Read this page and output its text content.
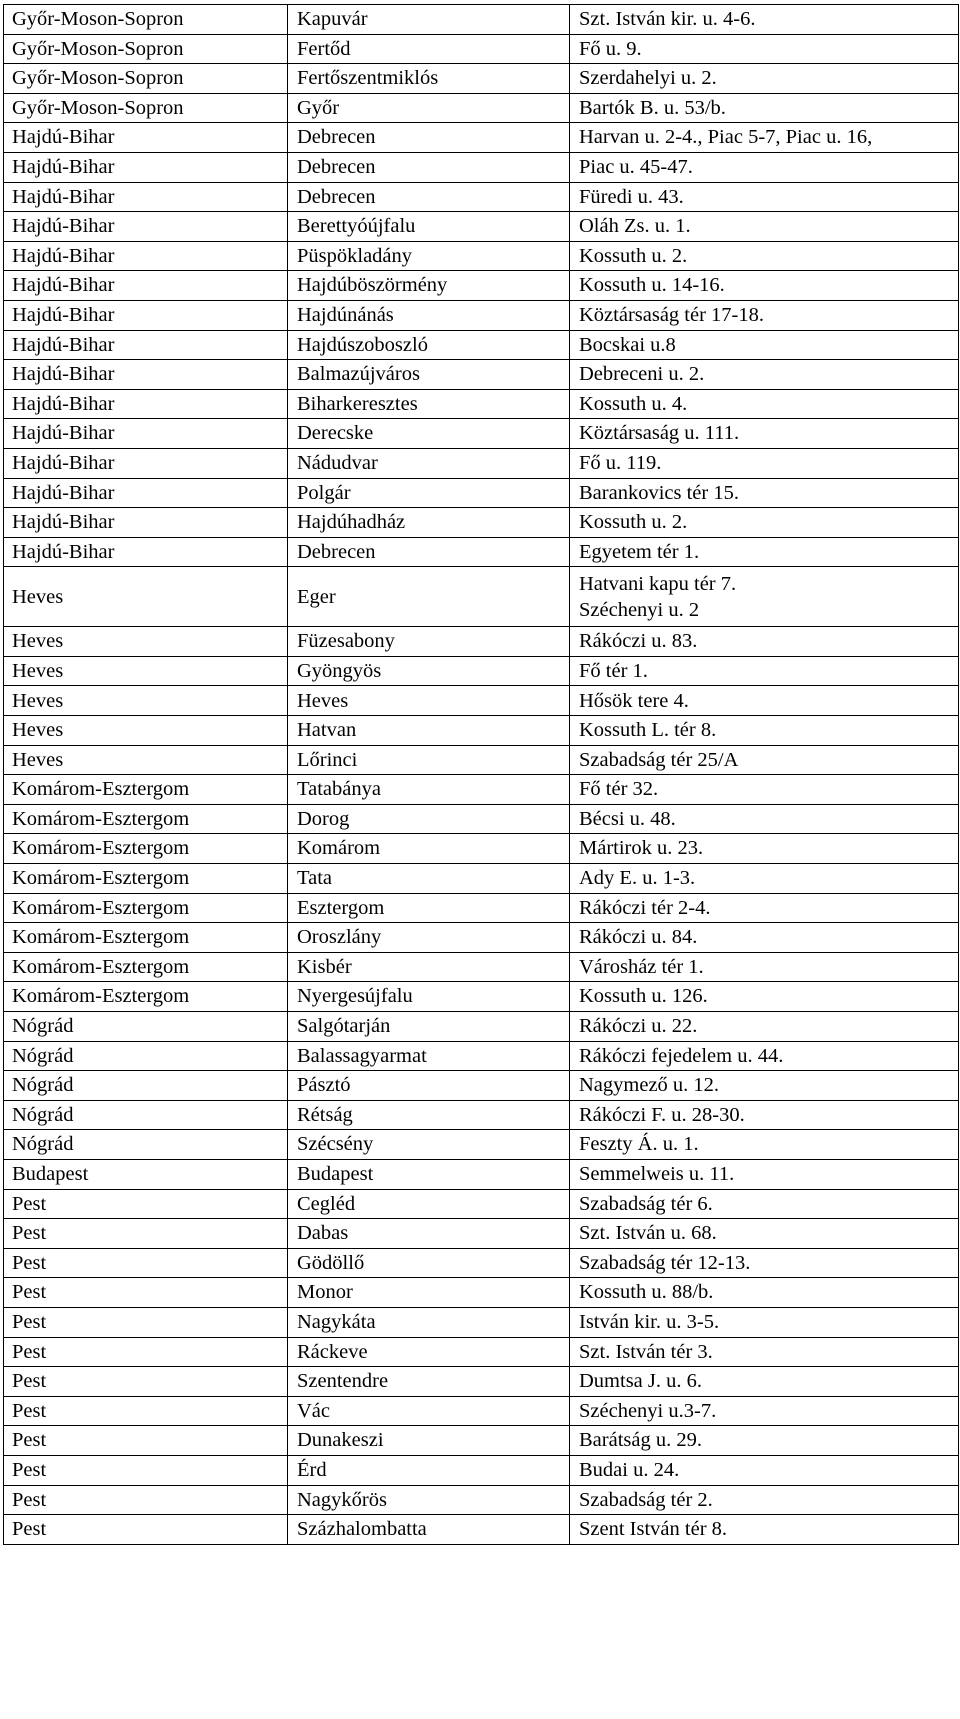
Győr-Moson-Sopron	Kapuvár	Szt. István kir. u. 4-6.
Győr-Moson-Sopron	Fertőd	Fő u. 9.
Győr-Moson-Sopron	Fertőszentmiklós	Szerdahelyi u. 2.
Győr-Moson-Sopron	Győr	Bartók B. u. 53/b.
Hajdú-Bihar	Debrecen	Harvan u. 2-4., Piac 5-7, Piac u. 16,
Hajdú-Bihar	Debrecen	Piac u. 45-47.
Hajdú-Bihar	Debrecen	Füredi u. 43.
Hajdú-Bihar	Berettyóújfalu	Oláh Zs. u. 1.
Hajdú-Bihar	Püspökladány	Kossuth u. 2.
Hajdú-Bihar	Hajdúböszörmény	Kossuth u. 14-16.
Hajdú-Bihar	Hajdúnánás	Köztársaság tér 17-18.
Hajdú-Bihar	Hajdúszoboszló	Bocskai u.8
Hajdú-Bihar	Balmazújváros	Debreceni u. 2.
Hajdú-Bihar	Biharkeresztes	Kossuth u. 4.
Hajdú-Bihar	Derecske	Köztársaság u. 111.
Hajdú-Bihar	Nádudvar	Fő u. 119.
Hajdú-Bihar	Polgár	Barankovics tér 15.
Hajdú-Bihar	Hajdúhadház	Kossuth u. 2.
Hajdú-Bihar	Debrecen	Egyetem tér 1.
Heves	Eger	Hatvani kapu tér 7.
Széchenyi u. 2

Heves	Füzesabony	Rákóczi u. 83.
Heves	Gyöngyös	Fő tér 1.
Heves	Heves	Hősök tere 4.
Heves	Hatvan	Kossuth L. tér 8.
Heves	Lőrinci	Szabadság tér 25/A
Komárom-Esztergom	Tatabánya	Fő tér 32.
Komárom-Esztergom	Dorog	Bécsi u. 48.
Komárom-Esztergom	Komárom	Mártirok u. 23.
Komárom-Esztergom	Tata	Ady E. u. 1-3.
Komárom-Esztergom	Esztergom	Rákóczi tér 2-4.
Komárom-Esztergom	Oroszlány	Rákóczi u. 84.
Komárom-Esztergom	Kisbér	Városház tér 1.
Komárom-Esztergom	Nyergesújfalu	Kossuth u. 126.
Nógrád	Salgótarján	Rákóczi u. 22.
Nógrád	Balassagyarmat	Rákóczi fejedelem u. 44.
Nógrád	Pásztó	Nagymező u. 12.
Nógrád	Rétság	Rákóczi F. u. 28-30.
Nógrád	Szécsény	Feszty Á. u. 1.
Budapest	Budapest	Semmelweis u. 11.
Pest	Cegléd	Szabadság tér 6.
Pest	Dabas	Szt. István u. 68.
Pest	Gödöllő	Szabadság tér 12-13.
Pest	Monor	Kossuth u. 88/b.
Pest	Nagykáta	István kir. u. 3-5.
Pest	Ráckeve	Szt. István tér 3.
Pest	Szentendre	Dumtsa J. u. 6.
Pest	Vác	Széchenyi u.3-7.
Pest	Dunakeszi	Barátság u. 29.
Pest	Érd	Budai u. 24.
Pest	Nagykőrös	Szabadság tér 2.
Pest	Százhalombatta	Szent István tér 8.
